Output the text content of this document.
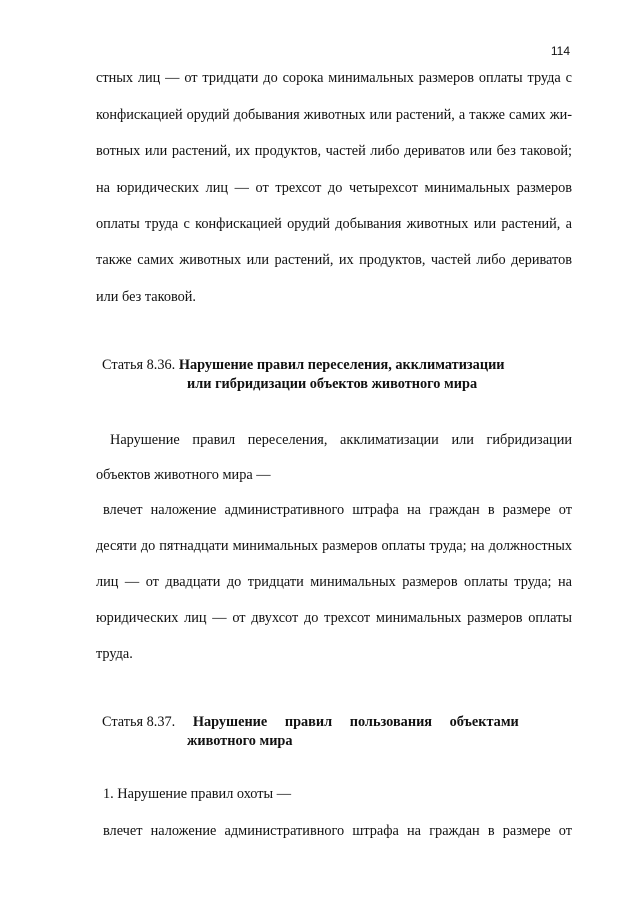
114
стных лиц — от тридцати до сорока минимальных размеров оплаты труда с
конфискацией орудий добывания животных или растений, а также самих жи-
вотных или растений, их продуктов, частей либо дериватов или без таковой;
на юридических лиц — от трехсот до четырехсот минимальных размеров
оплаты труда с конфискацией орудий добывания животных или растений, а
также самих животных или растений, их продуктов, частей либо дериватов
или без таковой.
Статья 8.36. Нарушение правил переселения, акклиматизации
или гибридизации объектов животного мира
Нарушение правил переселения, акклиматизации или гибридизации
объектов животного мира —
влечет наложение административного штрафа на граждан в размере от
десяти до пятнадцати минимальных размеров оплаты труда; на должностных
лиц — от двадцати до тридцати минимальных размеров оплаты труда; на
юридических лиц — от двухсот до трехсот минимальных размеров оплаты
труда.
Статья 8.37. Нарушение правил пользования объектами
животного мира
1. Нарушение правил охоты —
влечет наложение административного штрафа на граждан в размере от
